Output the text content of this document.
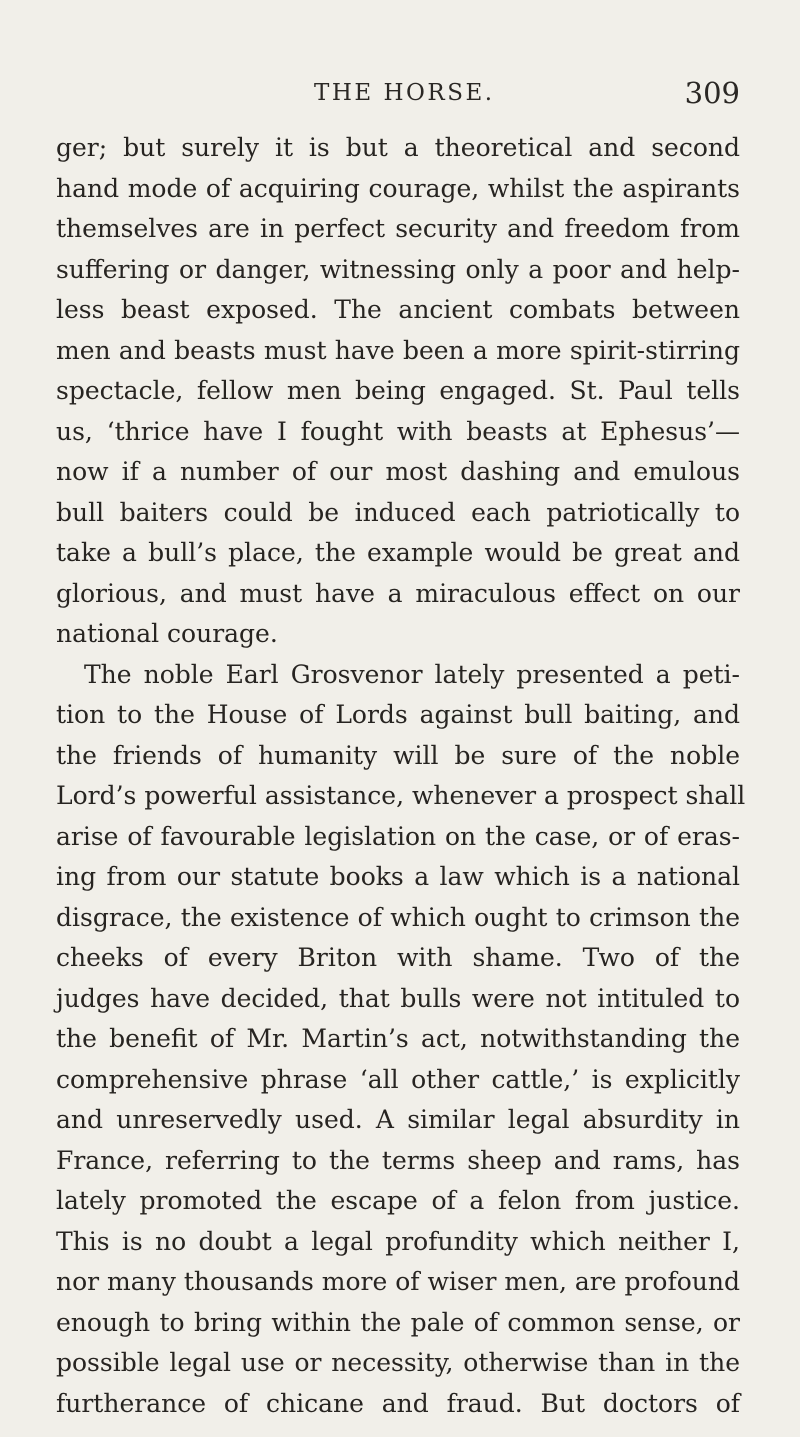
THE HORSE.	309
ger; but surely it is but a theoretical and second
hand mode of acquiring courage, whilst the aspirants
themselves are in perfect security and freedom from
suffering or danger, witnessing only a poor and help-
less beast exposed. The ancient combats between
men and beasts must have been a more spirit-stirring
spectacle, fellow men being engaged. St. Paul tells
us, ‘thrice have I fought with beasts at Ephesus’—
now if a number of our most dashing and emulous
bull baiters could be induced each patriotically to
take a bull’s place, the example would be great and
glorious, and must have a miraculous effect on our
national courage.
The noble Earl Grosvenor lately presented a peti-
tion to the House of Lords against bull baiting, and
the friends of humanity will be sure of the noble
Lord’s powerful assistance, whenever a prospect shall
arise of favourable legislation on the case, or of eras-
ing from our statute books a law which is a national
disgrace, the existence of which ought to crimson the
cheeks of every Briton with shame. Two of the
judges have decided, that bulls were not intituled to
the benefit of Mr. Martin’s act, notwithstanding the
comprehensive phrase ‘all other cattle,’ is explicitly
and unreservedly used. A similar legal absurdity in
France, referring to the terms sheep and rams, has
lately promoted the escape of a felon from justice.
This is no doubt a legal profundity which neither I,
nor many thousands more of wiser men, are profound
enough to bring within the pale of common sense, or
possible legal use or necessity, otherwise than in the
furtherance of chicane and fraud. But doctors of
